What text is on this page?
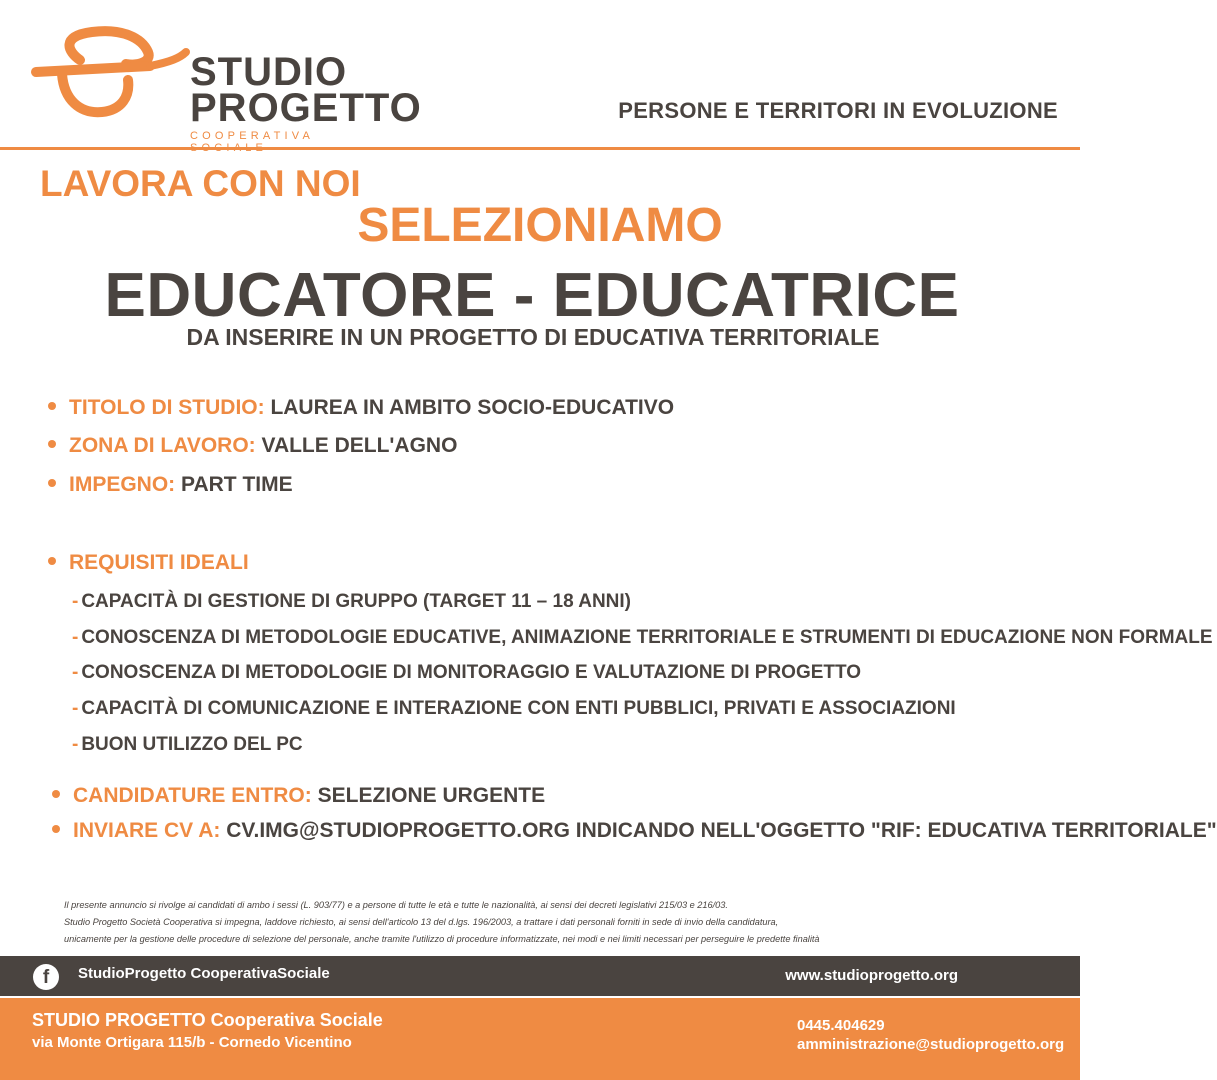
STUDIO
PROGETTO
COOPERATIVA
PERSONE E TERRITORI IN EVOLUZIONE
LAVORA CON NOI
SELEZIONIAMO
EDUCATORE - EDUCATRICE
DA INSERIRE IN UN PROGETTO DI EDUCATIVA TERRITORIALE
TITOLO DI STUDIO: LAUREA IN AMBITO SOCIO-EDUCATIVO
ZONA DI LAVORO: VALLE DELL'AGNO
IMPEGNO: PART TIME
REQUISITI IDEALI
- CAPACITÀ DI GESTIONE DI GRUPPO (TARGET 11 – 18 ANNI)
- CONOSCENZA DI METODOLOGIE EDUCATIVE, ANIMAZIONE TERRITORIALE E STRUMENTI DI EDUCAZIONE NON FORMALE
- CONOSCENZA DI METODOLOGIE DI MONITORAGGIO E VALUTAZIONE DI PROGETTO
- CAPACITÀ DI COMUNICAZIONE E INTERAZIONE CON ENTI PUBBLICI, PRIVATI E ASSOCIAZIONI
- BUON UTILIZZO DEL PC
CANDIDATURE ENTRO: SELEZIONE URGENTE
INVIARE CV A: CV.IMG@STUDIOPROGETTO.ORG INDICANDO NELL'OGGETTO "RIF: EDUCATIVA TERRITORIALE"
Il presente annuncio si rivolge ai candidati di ambo i sessi (L. 903/77) e a persone di tutte le età e tutte le nazionalità, ai sensi dei decreti legislativi 215/03 e 216/03.
Studio Progetto Società Cooperativa si impegna, laddove richiesto, ai sensi dell'articolo 13 del d.lgs. 196/2003, a trattare i dati personali forniti in sede di invio della candidatura,
unicamente per la gestione delle procedure di selezione del personale, anche tramite l'utilizzo di procedure informatizzate, nei modi e nei limiti necessari per perseguire le predette finalità
f	StudioProgetto CooperativaSociale	www.studioprogetto.org
STUDIO PROGETTO Cooperativa Sociale
via Monte Ortigara 115/b - Cornedo Vicentino
0445.404629
amministrazione@studioprogetto.org
